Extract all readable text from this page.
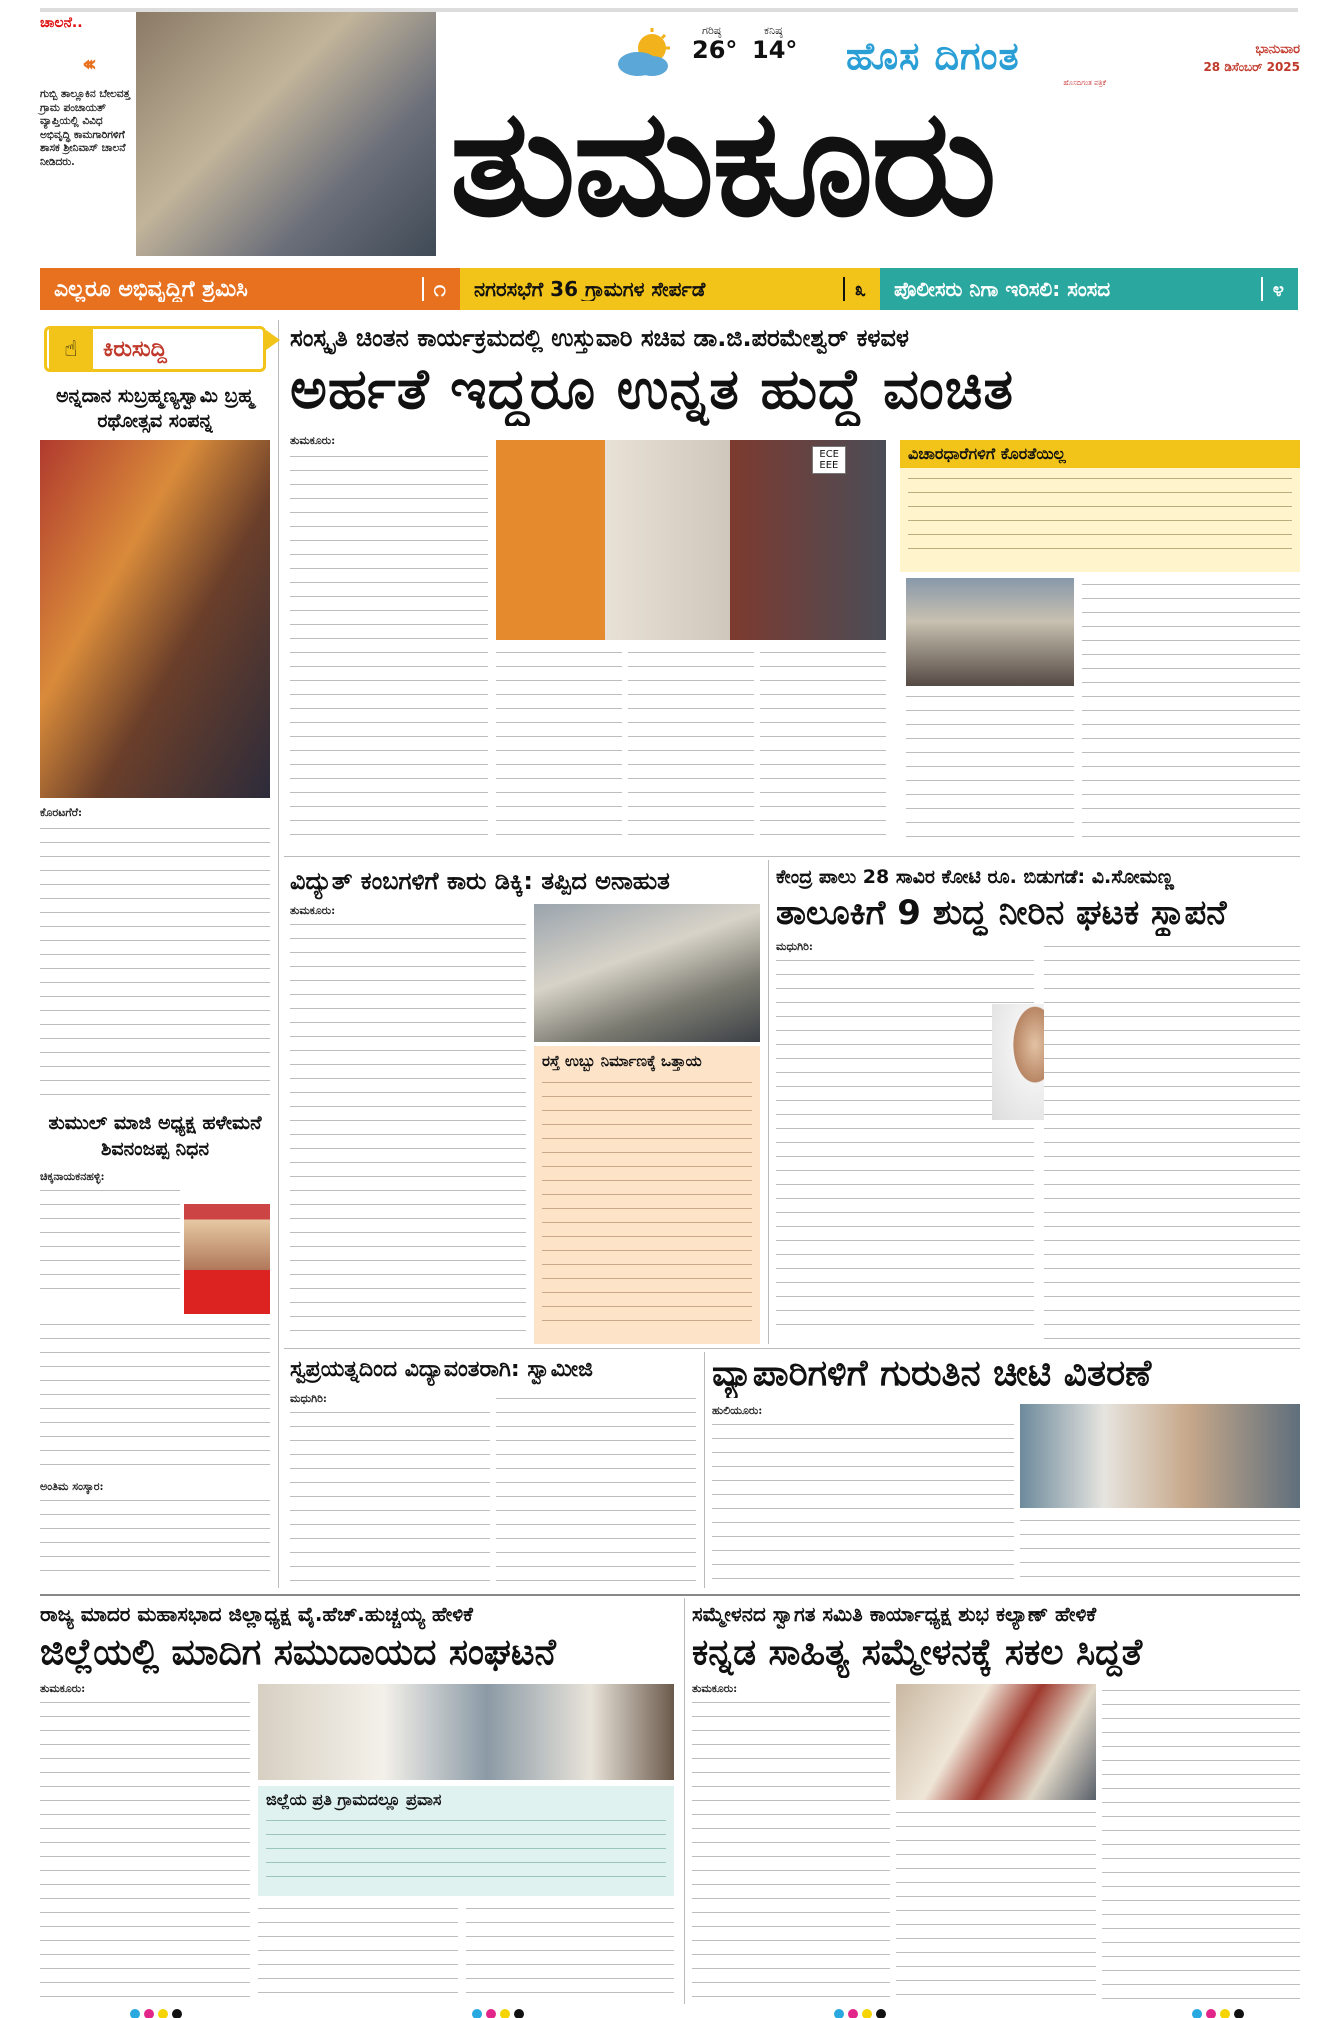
ಚಾಲನೆ..
‹‹‹
ಗುಬ್ಬಿ ತಾಲ್ಲೂಕಿನ ಬೇಲವತ್ತ ಗ್ರಾಮ ಪಂಚಾಯತ್ ವ್ಯಾಪ್ತಿಯಲ್ಲಿ ವಿವಿಧ ಅಭಿವೃದ್ಧಿ ಕಾಮಗಾರಿಗಳಿಗೆ ಶಾಸಕ ಶ್ರೀನಿವಾಸ್ ಚಾಲನೆ ನೀಡಿದರು.
ಗರಿಷ್ಠ
26°
ಕನಿಷ್ಠ
14° ಹೊಸ ದಿಗಂತ
ಹೊಸದಿಗಂತ ಪತ್ರಿಕೆ
ಭಾನುವಾರ
28 ಡಿಸೆಂಬರ್ 2025
ತುಮಕೂರು
ಎಲ್ಲರೂ ಅಭಿವೃದ್ಧಿಗೆ ಶ್ರಮಿಸಿ	೧ ನಗರಸಭೆಗೆ 36 ಗ್ರಾಮಗಳ ಸೇರ್ಪಡೆ	೩ ಪೊಲೀಸರು ನಿಗಾ ಇರಿಸಲಿ: ಸಂಸದ	೪
☝	ಕಿರುಸುದ್ದಿ
ಅನ್ನದಾನ ಸುಬ್ರಹ್ಮಣ್ಯಸ್ವಾಮಿ ಬ್ರಹ್ಮ ರಥೋತ್ಸವ ಸಂಪನ್ನ
ಕೊರಟಗೆರೆ:
ತುಮುಲ್ ಮಾಜಿ ಅಧ್ಯಕ್ಷ ಹಳೇಮನೆ ಶಿವನಂಜಪ್ಪ ನಿಧನ
ಚಿಕ್ಕನಾಯಕನಹಳ್ಳಿ:
ಅಂತಿಮ ಸಂಸ್ಕಾರ:
ಸಂಸ್ಕೃತಿ ಚಿಂತನ ಕಾರ್ಯಕ್ರಮದಲ್ಲಿ ಉಸ್ತುವಾರಿ ಸಚಿವ ಡಾ.ಜಿ.ಪರಮೇಶ್ವರ್ ಕಳವಳ
ಅರ್ಹತೆ ಇದ್ದರೂ ಉನ್ನತ ಹುದ್ದೆ ವಂಚಿತ
ತುಮಕೂರು:
ECE
EEE
ವಿಚಾರಧಾರೆಗಳಿಗೆ ಕೊರತೆಯಿಲ್ಲ
ವಿದ್ಯುತ್ ಕಂಬಗಳಿಗೆ ಕಾರು ಡಿಕ್ಕಿ: ತಪ್ಪಿದ ಅನಾಹುತ
ತುಮಕೂರು:
ರಸ್ತೆ ಉಬ್ಬು ನಿರ್ಮಾಣಕ್ಕೆ ಒತ್ತಾಯ
ಕೇಂದ್ರ ಪಾಲು 28 ಸಾವಿರ ಕೋಟಿ ರೂ. ಬಿಡುಗಡೆ: ವಿ.ಸೋಮಣ್ಣ
ತಾಲೂಕಿಗೆ 9 ಶುದ್ಧ ನೀರಿನ ಘಟಕ ಸ್ಥಾಪನೆ
ಮಧುಗಿರಿ:
ಸ್ವಪ್ರಯತ್ನದಿಂದ ವಿದ್ಯಾವಂತರಾಗಿ: ಸ್ವಾಮೀಜಿ
ಮಧುಗಿರಿ:
ವ್ಯಾಪಾರಿಗಳಿಗೆ ಗುರುತಿನ ಚೀಟಿ ವಿತರಣೆ
ಹುಲಿಯೂರು:
ರಾಜ್ಯ ಮಾದರ ಮಹಾಸಭಾದ ಜಿಲ್ಲಾಧ್ಯಕ್ಷ ವೈ.ಹೆಚ್.ಹುಚ್ಚಯ್ಯ ಹೇಳಿಕೆ
ಜಿಲ್ಲೆಯಲ್ಲಿ ಮಾದಿಗ ಸಮುದಾಯದ ಸಂಘಟನೆ
ತುಮಕೂರು:
ಜಿಲ್ಲೆಯ ಪ್ರತಿ ಗ್ರಾಮದಲ್ಲೂ ಪ್ರವಾಸ
ಸಮ್ಮೇಳನದ ಸ್ವಾಗತ ಸಮಿತಿ ಕಾರ್ಯಾಧ್ಯಕ್ಷ ಶುಭ ಕಲ್ಯಾಣ್ ಹೇಳಿಕೆ
ಕನ್ನಡ ಸಾಹಿತ್ಯ ಸಮ್ಮೇಳನಕ್ಕೆ ಸಕಲ ಸಿದ್ದತೆ
ತುಮಕೂರು:
